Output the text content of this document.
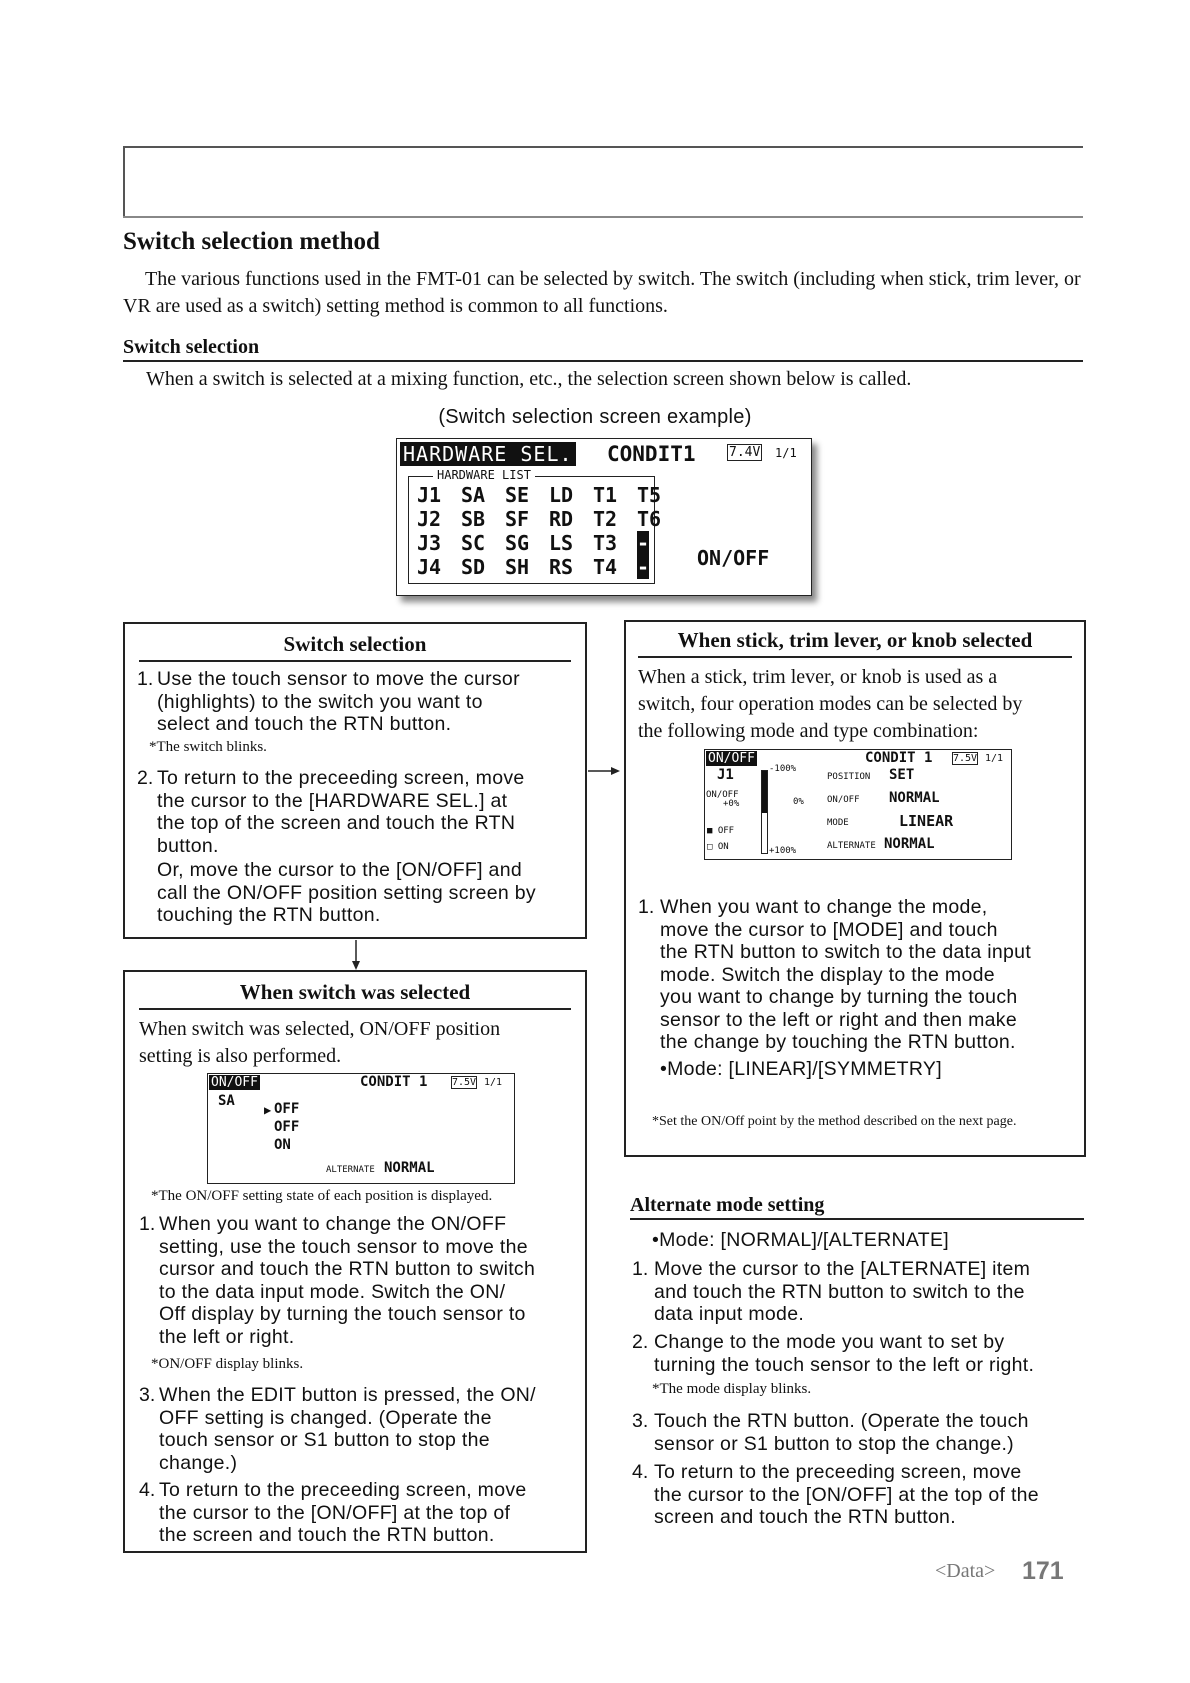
Switch selection method
The various functions used in the FMT-01 can be selected by switch. The switch (including when stick, trim lever, or VR are used as a switch) setting method is common to all functions.
Switch selection
When a switch is selected at a mixing function, etc., the selection screen shown below is called.
(Switch selection screen example)
HARDWARE SEL. CONDIT1	7.4V 1/1
HARDWARE LIST
J1 SA SE LD T1 T5
J2 SB SF RD T2 T6
J3 SC SG LS T3 --
J4 SD SH RS T4	ON/OFF
Switch selection
1. Use the touch sensor to move the cursor
(highlights) to the switch you want to
select and touch the RTN button.
*The switch blinks.
2. To return to the preceeding screen, move
the cursor to the [HARDWARE SEL.] at
the top of the screen and touch the RTN
button.
Or, move the cursor to the [ON/OFF] and
call the ON/OFF position setting screen by
touching the RTN button.
When switch was selected
When switch was selected, ON/OFF position
setting is also performed.
ON/OFF	CONDIT 1 7.5V 1/1
SA
▶ OFF
OFF
ON
ALTERNATE NORMAL
*The ON/OFF setting state of each position is displayed.
1. When you want to change the ON/OFF
setting, use the touch sensor to move the
cursor and touch the RTN button to switch
to the data input mode. Switch the ON/
Off display by turning the touch sensor to
the left or right.
*ON/OFF display blinks.
3. When the EDIT button is pressed, the ON/
OFF setting is changed. (Operate the
touch sensor or S1 button to stop the
change.)
4. To return to the preceeding screen, move
the cursor to the [ON/OFF] at the top of
the screen and touch the RTN button.
When stick, trim lever, or knob selected
When a stick, trim lever, or knob is used as a
switch, four operation modes can be selected by
the following mode and type combination:
ON/OFF	CONDIT 1 7.5V 1/1
J1	-100%
ON/OFF
+0%	0%
+100%
■ OFF
□ ON
POSITION SET
ON/OFF NORMAL
MODE	LINEAR
ALTERNATE NORMAL
1. When you want to change the mode,
move the cursor to [MODE] and touch
the RTN button to switch to the data input
mode. Switch the display to the mode
you want to change by turning the touch
sensor to the left or right and then make
the change by touching the RTN button.
•Mode: [LINEAR]/[SYMMETRY]
*Set the ON/Off point by the method described on the next page.
Alternate mode setting
•Mode: [NORMAL]/[ALTERNATE]
1. Move the cursor to the [ALTERNATE] item
and touch the RTN button to switch to the
data input mode.
2. Change to the mode you want to set by
turning the touch sensor to the left or right.
*The mode display blinks.
3. Touch the RTN button. (Operate the touch
sensor or S1 button to stop the change.)
4. To return to the preceeding screen, move
the cursor to the [ON/OFF] at the top of the
screen and touch the RTN button.
<Data> 171
